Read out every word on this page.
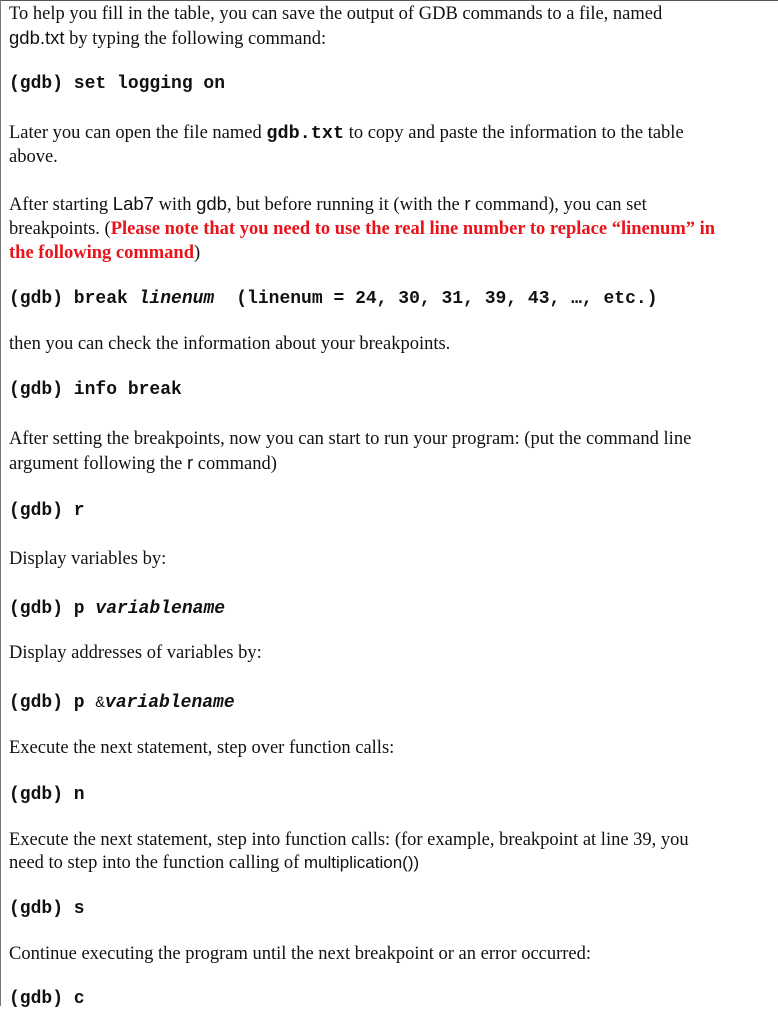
To help you fill in the table, you can save the output of GDB commands to a file, named

gdb.txt by typing the following command:

(gdb) set logging on

Later you can open the file named gdb.txt to copy and paste the information to the table

above.

After starting Lab7 with gdb, but before running it (with the r command), you can set

breakpoints. (Please note that you need to use the real line number to replace “linenum” in

the following command)

(gdb) break linenum (linenum = 24, 30, 31, 39, 43, …, etc.)

then you can check the information about your breakpoints.

(gdb) info break

After setting the breakpoints, now you can start to run your program: (put the command line

argument following the r command)

(gdb) r

Display variables by:

(gdb) p variablename

Display addresses of variables by:

(gdb) p &variablename

Execute the next statement, step over function calls:

(gdb) n

Execute the next statement, step into function calls: (for example, breakpoint at line 39, you

need to step into the function calling of multiplication())

(gdb) s

Continue executing the program until the next breakpoint or an error occurred:

(gdb) c
